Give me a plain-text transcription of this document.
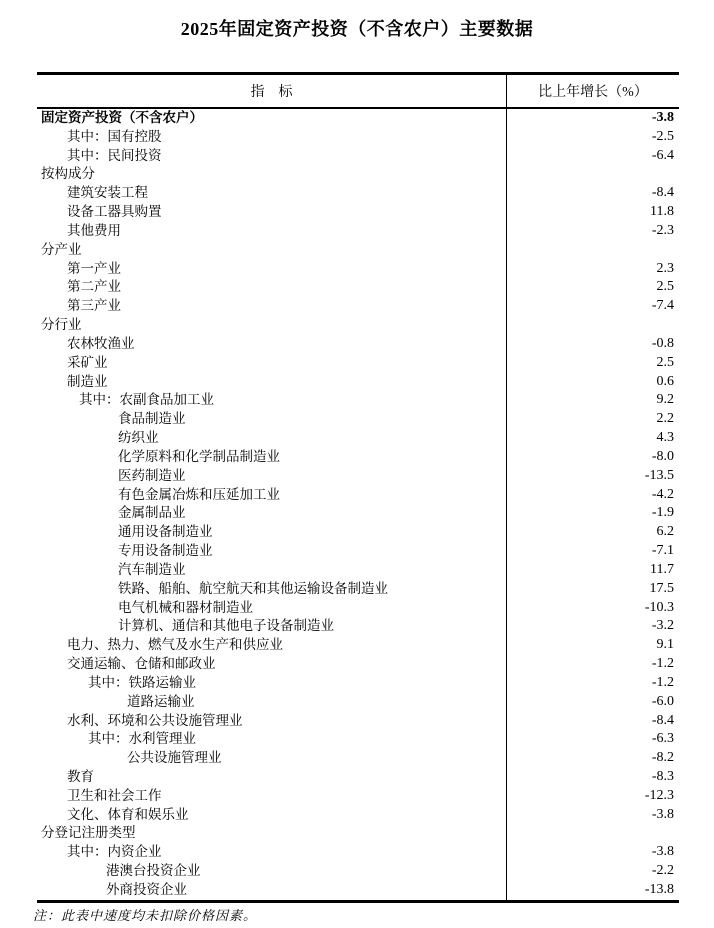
2025年固定资产投资（不含农户）主要数据
指　标	比上年增长（%）
固定资产投资（不含农户）	-3.8
其中：国有控股	-2.5
其中：民间投资	-6.4
按构成分
建筑安装工程	-8.4
设备工器具购置	11.8
其他费用	-2.3
分产业
第一产业	2.3
第二产业	2.5
第三产业	-7.4
分行业
农林牧渔业	-0.8
采矿业	2.5
制造业	0.6
其中：农副食品加工业	9.2
食品制造业	2.2
纺织业	4.3
化学原料和化学制品制造业	-8.0
医药制造业	-13.5
有色金属冶炼和压延加工业	-4.2
金属制品业	-1.9
通用设备制造业	6.2
专用设备制造业	-7.1
汽车制造业	11.7
铁路、船舶、航空航天和其他运输设备制造业	17.5
电气机械和器材制造业	-10.3
计算机、通信和其他电子设备制造业	-3.2
电力、热力、燃气及水生产和供应业	9.1
交通运输、仓储和邮政业	-1.2
其中：铁路运输业	-1.2
道路运输业	-6.0
水利、环境和公共设施管理业	-8.4
其中：水利管理业	-6.3
公共设施管理业	-8.2
教育	-8.3
卫生和社会工作	-12.3
文化、体育和娱乐业	-3.8
分登记注册类型
其中：内资企业	-3.8
港澳台投资企业	-2.2
外商投资企业	-13.8
注：此表中速度均未扣除价格因素。
